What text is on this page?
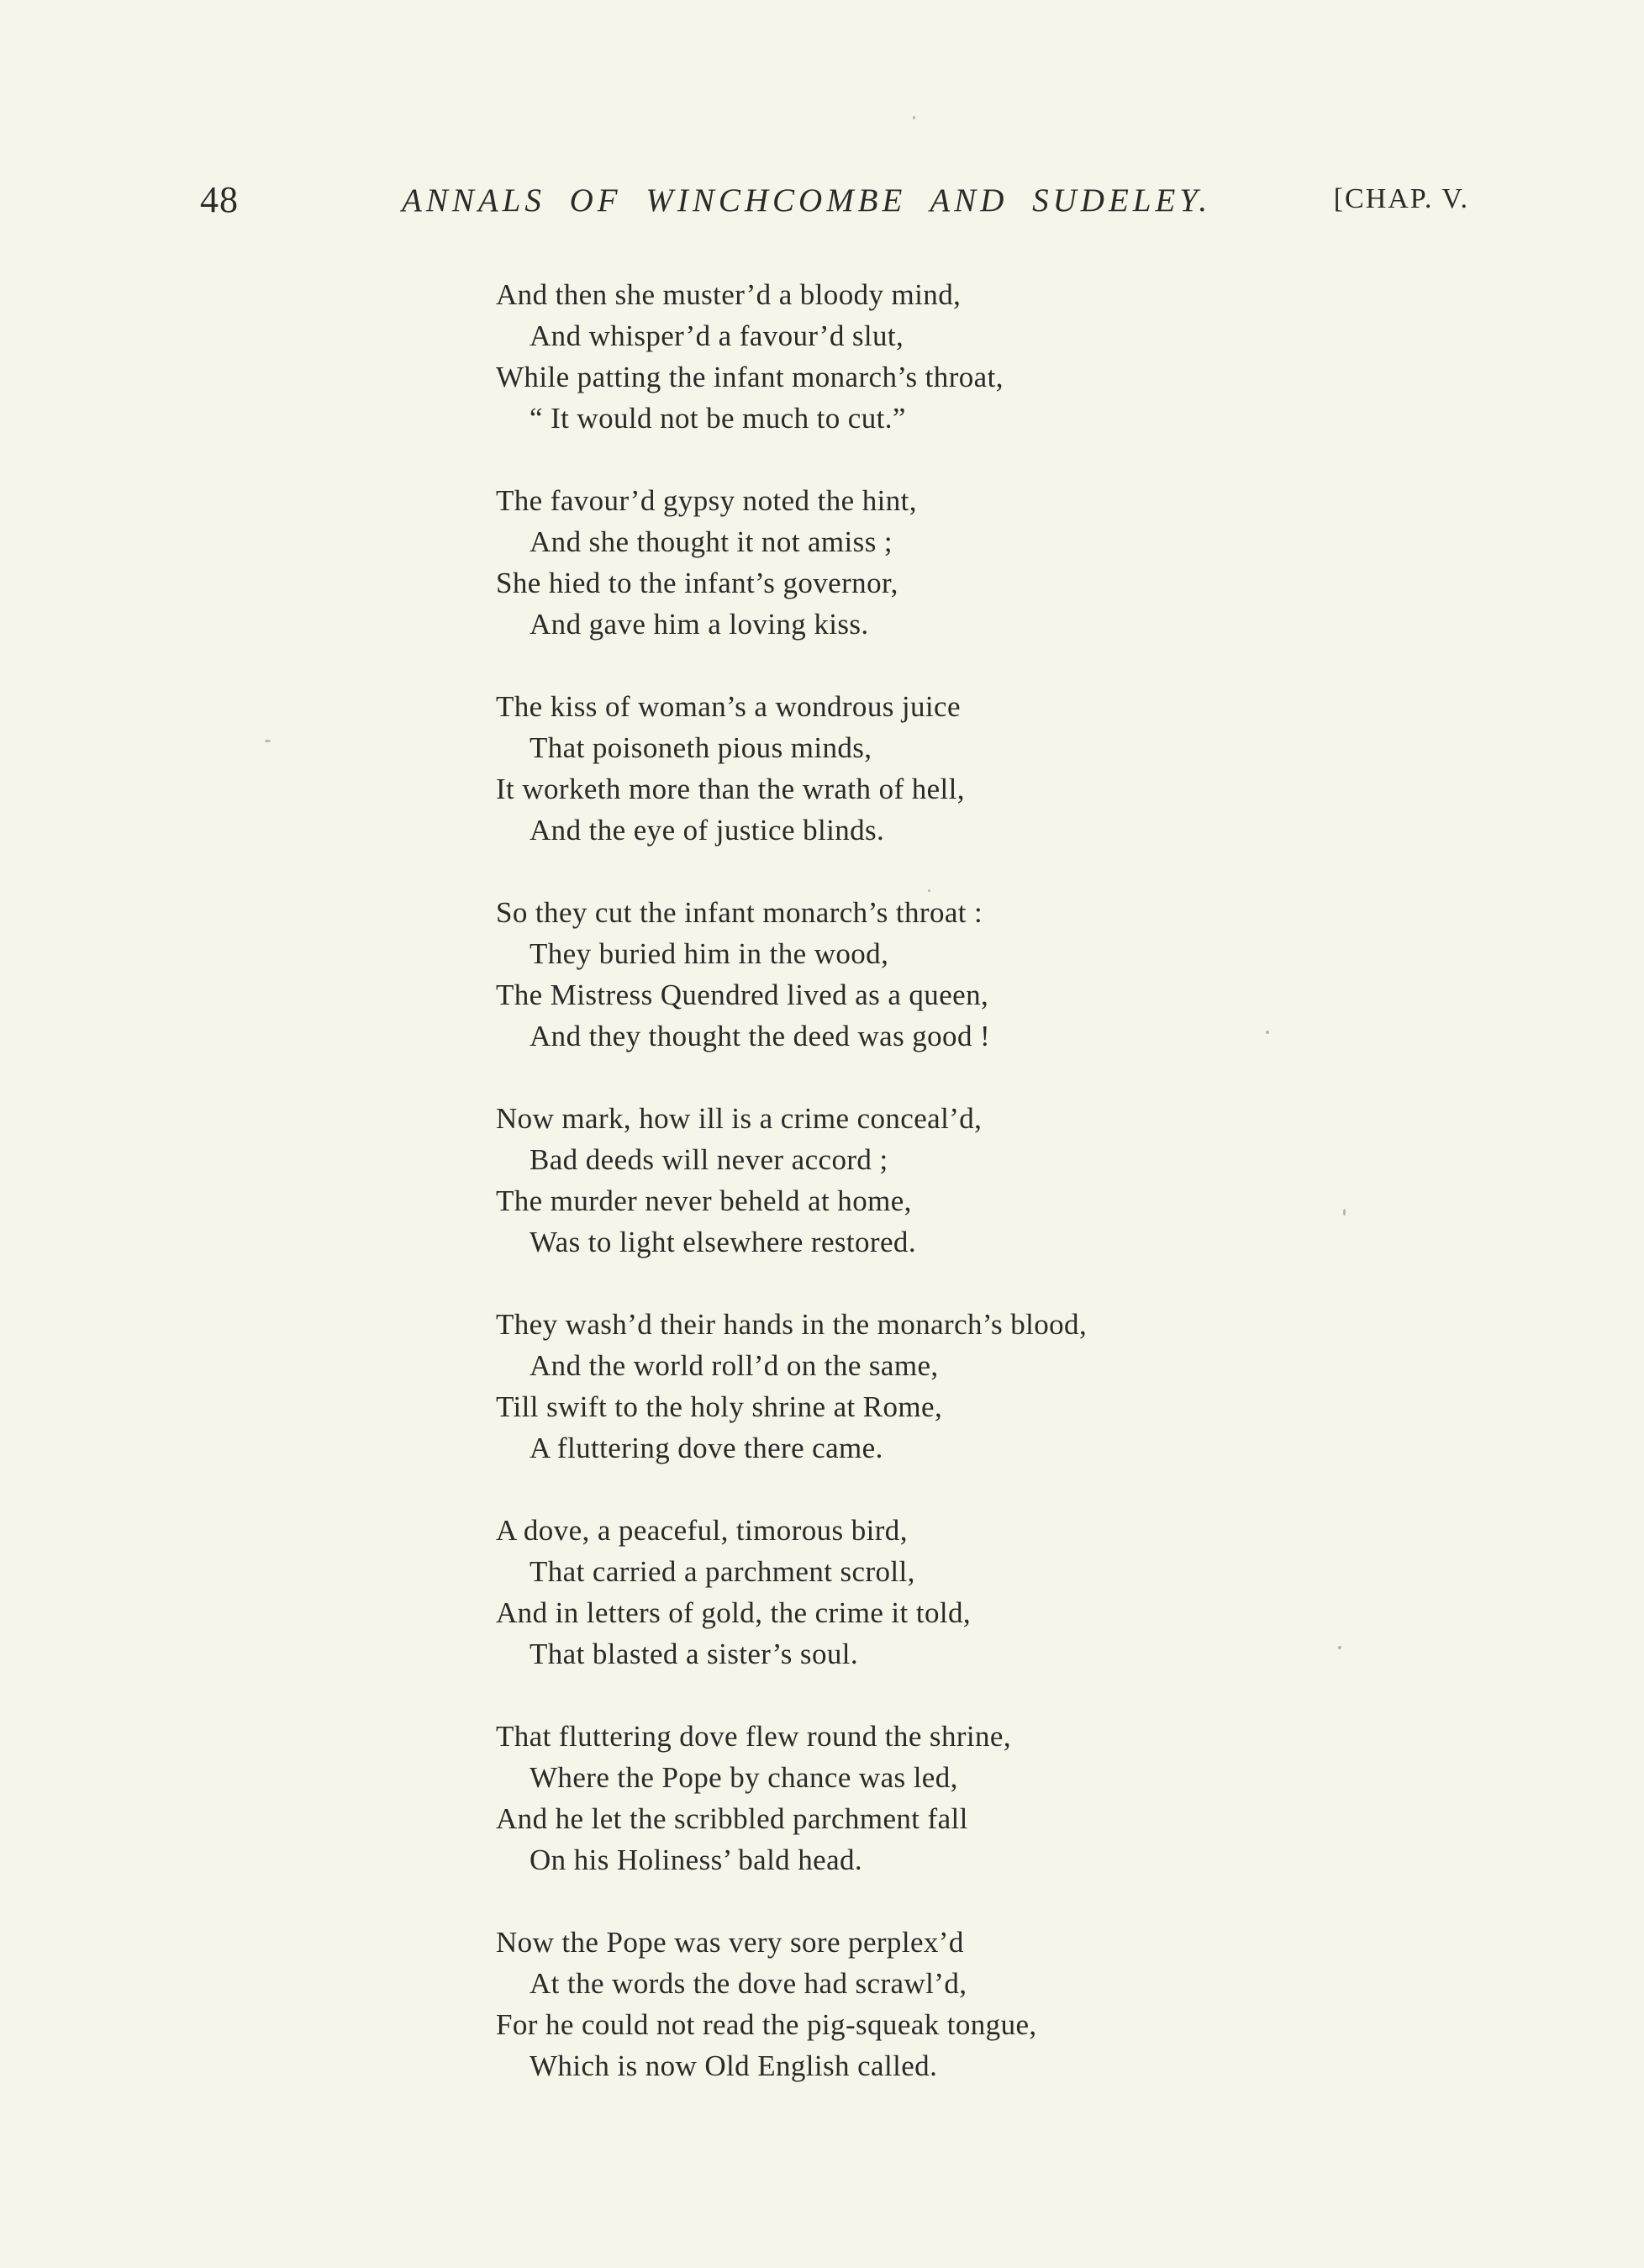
48	ANNALS OF WINCHCOMBE AND SUDELEY.	[CHAP. V.
And then she muster’d a bloody mind,
And whisper’d a favour’d slut,
While patting the infant monarch’s throat,
“ It would not be much to cut.”
The favour’d gypsy noted the hint,
And she thought it not amiss ;
She hied to the infant’s governor,
And gave him a loving kiss.
The kiss of woman’s a wondrous juice
That poisoneth pious minds,
It worketh more than the wrath of hell,
And the eye of justice blinds.
So they cut the infant monarch’s throat :
They buried him in the wood,
The Mistress Quendred lived as a queen,
And they thought the deed was good !
Now mark, how ill is a crime conceal’d,
Bad deeds will never accord ;
The murder never beheld at home,
Was to light elsewhere restored.
They wash’d their hands in the monarch’s blood,
And the world roll’d on the same,
Till swift to the holy shrine at Rome,
A fluttering dove there came.
A dove, a peaceful, timorous bird,
That carried a parchment scroll,
And in letters of gold, the crime it told,
That blasted a sister’s soul.
That fluttering dove flew round the shrine,
Where the Pope by chance was led,
And he let the scribbled parchment fall
On his Holiness’ bald head.
Now the Pope was very sore perplex’d
At the words the dove had scrawl’d,
For he could not read the pig-squeak tongue,
Which is now Old English called.
